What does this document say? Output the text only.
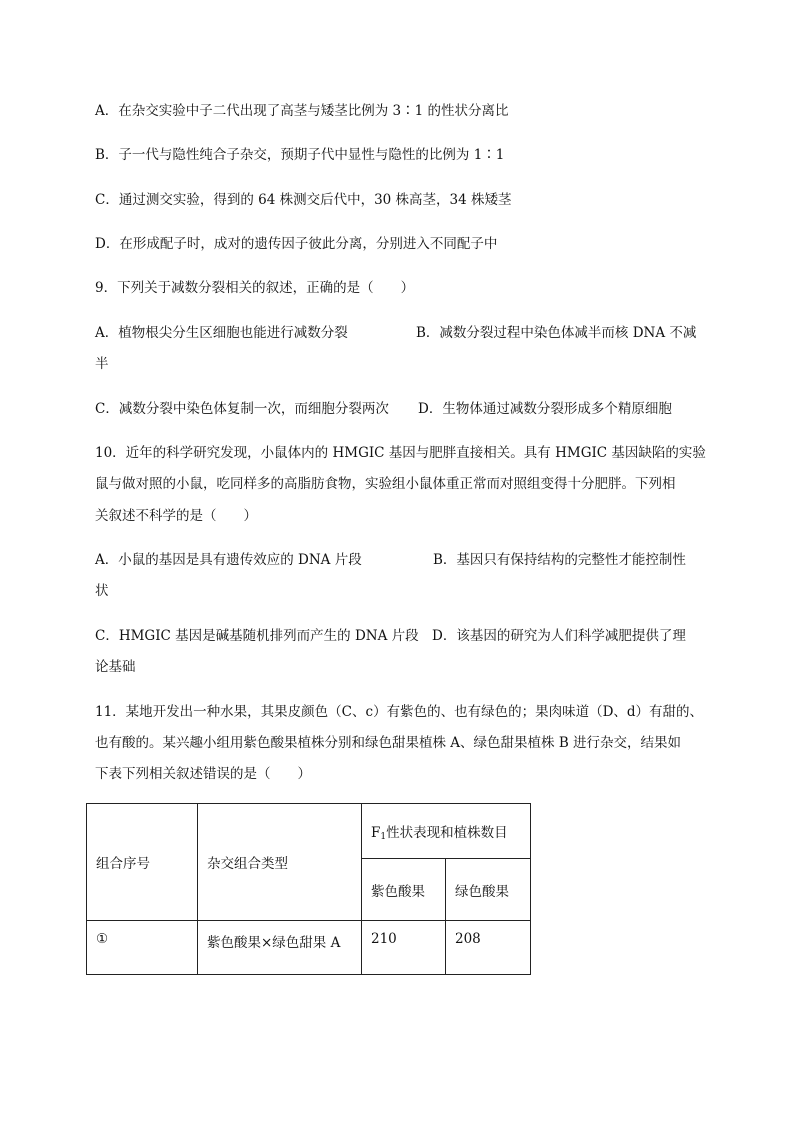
A．在杂交实验中子二代出现了高茎与矮茎比例为 3∶1 的性状分离比
B．子一代与隐性纯合子杂交，预期子代中显性与隐性的比例为 1∶1
C．通过测交实验，得到的 64 株测交后代中，30 株高茎，34 株矮茎
D．在形成配子时，成对的遗传因子彼此分离，分别进入不同配子中
9．下列关于减数分裂相关的叙述，正确的是（　　）
A．植物根尖分生区细胞也能进行减数分裂	B．减数分裂过程中染色体减半而核 DNA 不减
半
C．减数分裂中染色体复制一次，而细胞分裂两次 D．生物体通过减数分裂形成多个精原细胞
10．近年的科学研究发现，小鼠体内的 HMGIC 基因与肥胖直接相关。具有 HMGIC 基因缺陷的实验
鼠与做对照的小鼠，吃同样多的高脂肪食物，实验组小鼠体重正常而对照组变得十分肥胖。下列相
关叙述不科学的是（　　）
A．小鼠的基因是具有遗传效应的 DNA 片段	B．基因只有保持结构的完整性才能控制性
状
C．HMGIC 基因是碱基随机排列而产生的 DNA 片段 D．该基因的研究为人们科学减肥提供了理
论基础
11．某地开发出一种水果，其果皮颜色（C、c）有紫色的、也有绿色的；果肉味道（D、d）有甜的、
也有酸的。某兴趣小组用紫色酸果植株分别和绿色甜果植株 A、绿色甜果植株 B 进行杂交，结果如
下表下列相关叙述错误的是（　　）
组合序号	杂交组合类型	$F_1$性状表现和植株数目	
		紫色酸果	绿色酸果
①	紫色酸果×绿色甜果 A	210	208
